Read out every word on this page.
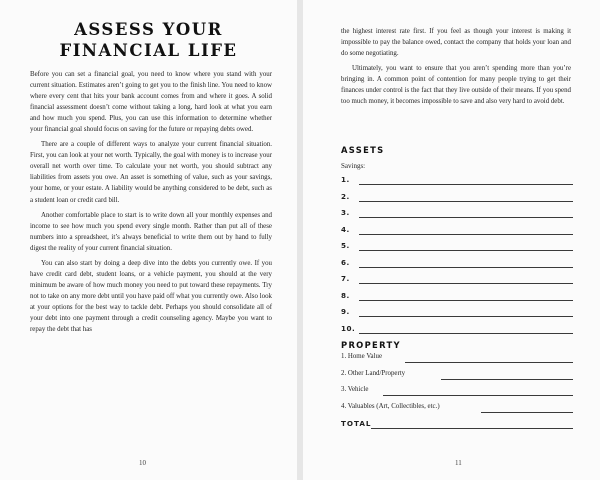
ASSESS YOUR
FINANCIAL LIFE

Before you can set a financial goal, you need to know where you stand with your current situation. Estimates aren’t going to get you to the finish line. You need to know where every cent that hits your bank account comes from and where it goes. A solid financial assessment doesn’t come without taking a long, hard look at what you earn and how much you spend. Plus, you can use this information to determine whether your financial goal should focus on saving for the future or repaying debts owed.

There are a couple of different ways to analyze your current financial situation. First, you can look at your net worth. Typically, the goal with money is to increase your overall net worth over time. To calculate your net worth, you should subtract any liabilities from assets you owe. An asset is something of value, such as your savings, your home, or your estate. A liability would be anything considered to be debt, such as a student loan or credit card bill.

Another comfortable place to start is to write down all your monthly expenses and income to see how much you spend every single month. Rather than put all of these numbers into a spreadsheet, it’s always beneficial to write them out by hand to fully digest the reality of your current financial situation.

You can also start by doing a deep dive into the debts you currently owe. If you have credit card debt, student loans, or a vehicle payment, you should at the very minimum be aware of how much money you need to put toward these repayments. Try not to take on any more debt until you have paid off what you currently owe. Also look at your options for the best way to tackle debt. Perhaps you should consolidate all of your debt into one payment through a credit counseling agency. Maybe you want to repay the debt that has

10

the highest interest rate first. If you feel as though your interest is making it impossible to pay the balance owed, contact the company that holds your loan and do some negotiating.

Ultimately, you want to ensure that you aren’t spending more than you’re bringing in. A common point of contention for many people trying to get their finances under control is the fact that they live outside of their means. If you spend too much money, it becomes impossible to save and also very hard to avoid debt.

ASSETS
Savings:
1.
2.
3.
4.
5.
6.
7.
8.
9.
10.
PROPERTY
1. Home Value
2. Other Land/Property
3. Vehicle
4. Valuables (Art, Collectibles, etc.)
TOTAL
11
